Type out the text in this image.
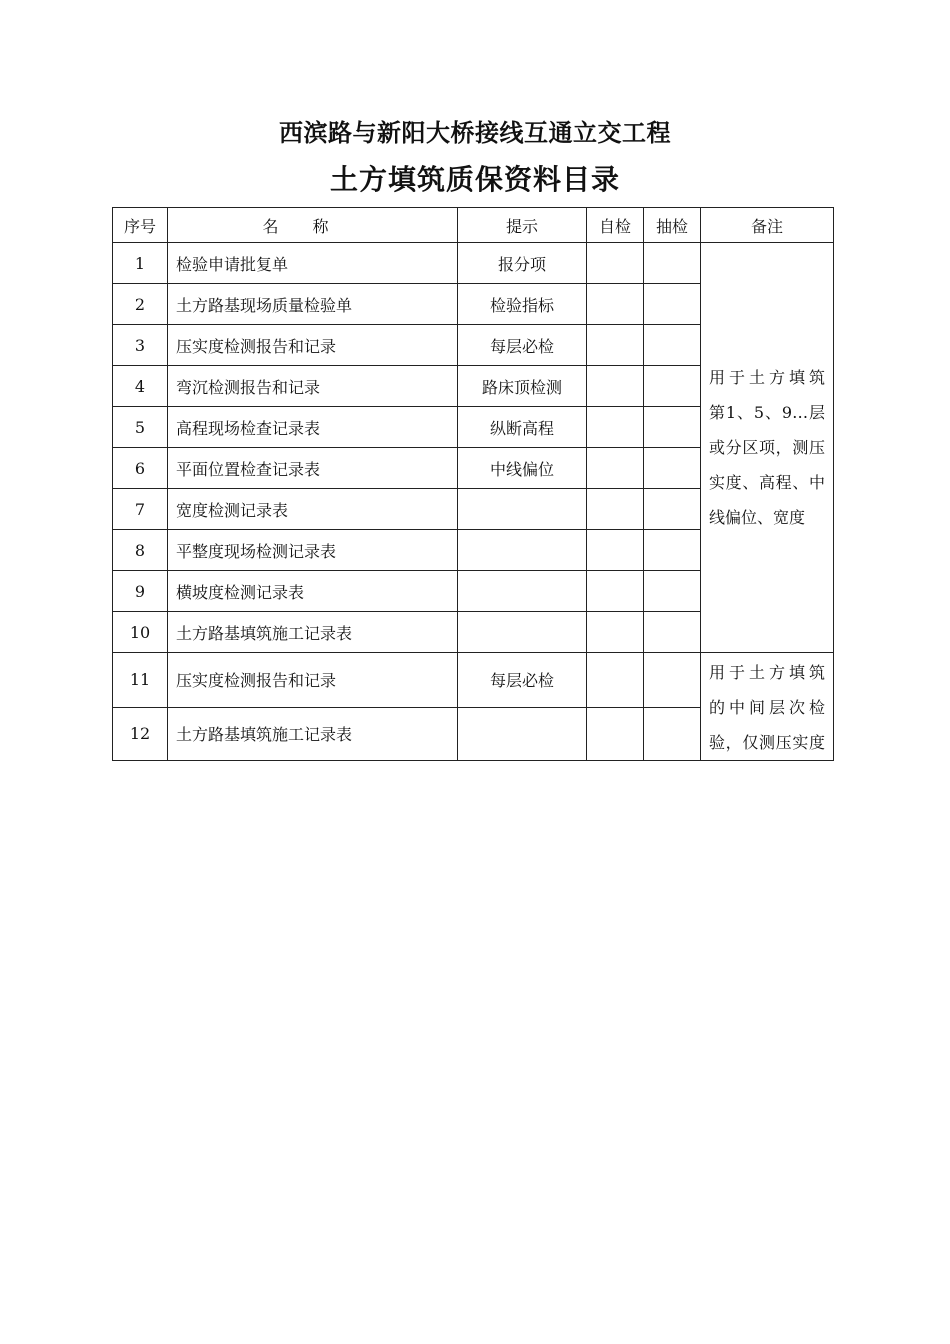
西滨路与新阳大桥接线互通立交工程
土方填筑质保资料目录
序号	名称	提示	自检	抽检	备注
1	检验申请批复单	报分项			用于土方填筑
第1、5、9…层
或分区项，测压
实度、高程、中
线偏位、宽度

2	土方路基现场质量检验单	检验指标			
3	压实度检测报告和记录	每层必检			
4	弯沉检测报告和记录	路床顶检测			
5	高程现场检查记录表	纵断高程			
6	平面位置检查记录表	中线偏位			
7	宽度检测记录表				
8	平整度现场检测记录表				
9	横坡度检测记录表				
10	土方路基填筑施工记录表				
11	压实度检测报告和记录	每层必检			用于土方填筑
的中间层次检
验，仅测压实度

12	土方路基填筑施工记录表				
